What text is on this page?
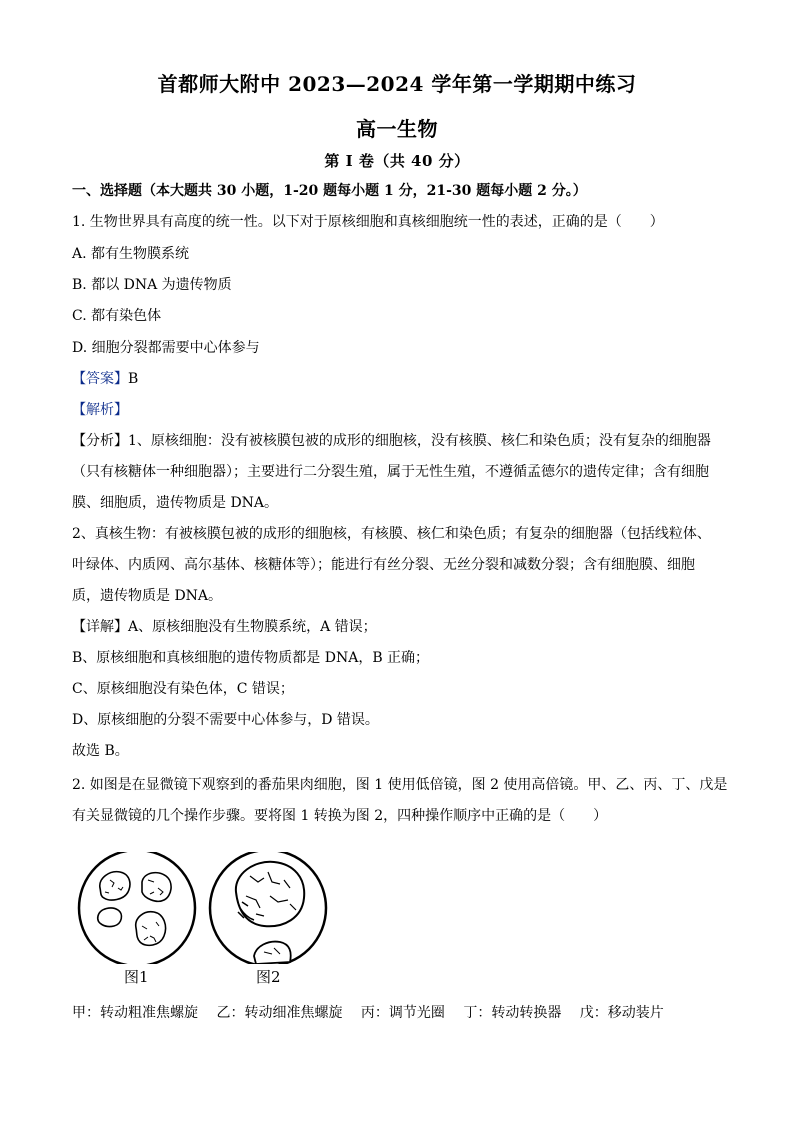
首都师大附中 2023—2024 学年第一学期期中练习
高一生物
第 I 卷（共 40 分）
一、选择题（本大题共 30 小题，1-20 题每小题 1 分，21-30 题每小题 2 分。）
1. 生物世界具有高度的统一性。以下对于原核细胞和真核细胞统一性的表述，正确的是（　　）
A. 都有生物膜系统
B. 都以 DNA 为遗传物质
C. 都有染色体
D. 细胞分裂都需要中心体参与
【答案】B
【解析】
【分析】1、原核细胞：没有被核膜包被的成形的细胞核，没有核膜、核仁和染色质；没有复杂的细胞器
（只有核糖体一种细胞器）；主要进行二分裂生殖，属于无性生殖，不遵循孟德尔的遗传定律；含有细胞
膜、细胞质，遗传物质是 DNA。
2、真核生物：有被核膜包被的成形的细胞核，有核膜、核仁和染色质；有复杂的细胞器（包括线粒体、
叶绿体、内质网、高尔基体、核糖体等）；能进行有丝分裂、无丝分裂和减数分裂；含有细胞膜、细胞
质，遗传物质是 DNA。
【详解】A、原核细胞没有生物膜系统，A 错误；
B、原核细胞和真核细胞的遗传物质都是 DNA，B 正确；
C、原核细胞没有染色体，C 错误；
D、原核细胞的分裂不需要中心体参与，D 错误。
故选 B。
2. 如图是在显微镜下观察到的番茄果肉细胞，图 1 使用低倍镜，图 2 使用高倍镜。甲、乙、丙、丁、戊是
有关显微镜的几个操作步骤。要将图 1 转换为图 2，四种操作顺序中正确的是（　　）
图1	图2
甲：转动粗准焦螺旋　 乙：转动细准焦螺旋　 丙：调节光圈　 丁：转动转换器　 戊：移动装片
